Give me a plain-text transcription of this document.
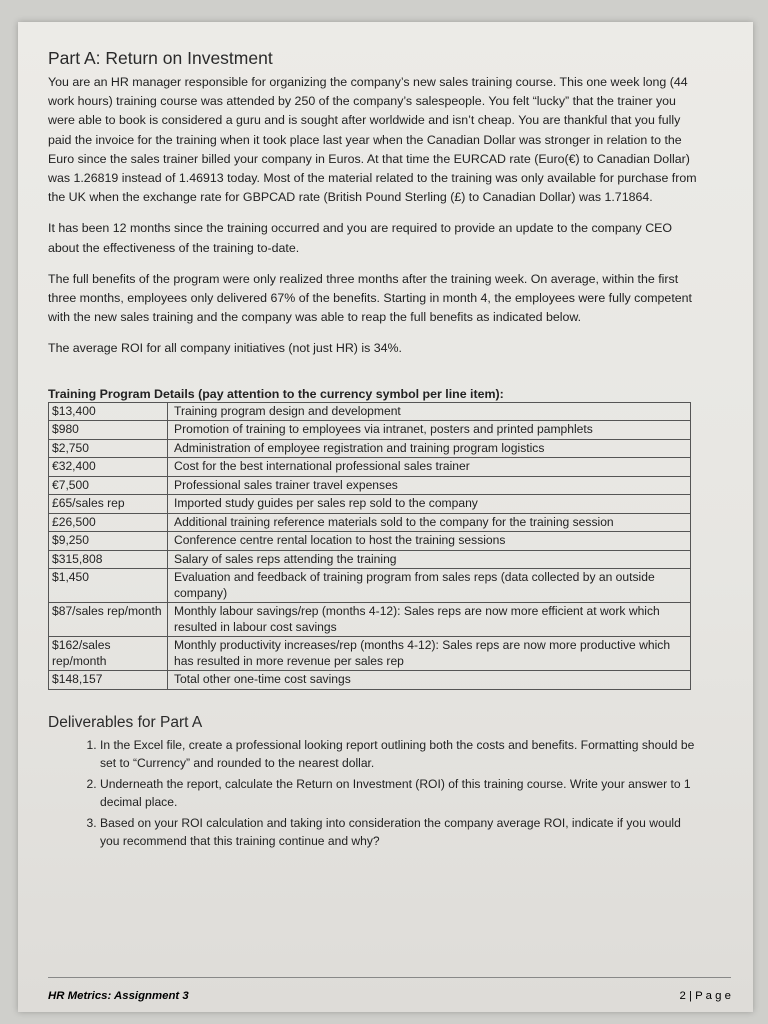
Part A: Return on Investment

You are an HR manager responsible for organizing the company’s new sales training course. This one week long (44 work hours) training course was attended by 250 of the company’s salespeople. You felt “lucky” that the trainer you were able to book is considered a guru and is sought after worldwide and isn’t cheap. You are thankful that you fully paid the invoice for the training when it took place last year when the Canadian Dollar was stronger in relation to the Euro since the sales trainer billed your company in Euros. At that time the EURCAD rate (Euro(€) to Canadian Dollar) was 1.26819 instead of 1.46913 today. Most of the material related to the training was only available for purchase from the UK when the exchange rate for GBPCAD rate (British Pound Sterling (£) to Canadian Dollar) was 1.71864.

It has been 12 months since the training occurred and you are required to provide an update to the company CEO about the effectiveness of the training to-date.

The full benefits of the program were only realized three months after the training week. On average, within the first three months, employees only delivered 67% of the benefits. Starting in month 4, the employees were fully competent with the new sales training and the company was able to reap the full benefits as indicated below.

The average ROI for all company initiatives (not just HR) is 34%.

Training Program Details (pay attention to the currency symbol per line item):
$13,400	Training program design and development
$980	Promotion of training to employees via intranet, posters and printed pamphlets
$2,750	Administration of employee registration and training program logistics
€32,400	Cost for the best international professional sales trainer
€7,500	Professional sales trainer travel expenses
£65/sales rep	Imported study guides per sales rep sold to the company
£26,500	Additional training reference materials sold to the company for the training session
$9,250	Conference centre rental location to host the training sessions
$315,808	Salary of sales reps attending the training
$1,450	Evaluation and feedback of training program from sales reps (data collected by an outside company)
$87/sales rep/month	Monthly labour savings/rep (months 4-12): Sales reps are now more efficient at work which resulted in labour cost savings
$162/sales rep/month	Monthly productivity increases/rep (months 4-12): Sales reps are now more productive which has resulted in more revenue per sales rep
$148,157	Total other one-time cost savings
Deliverables for Part A
1. In the Excel file, create a professional looking report outlining both the costs and benefits. Formatting should be set to “Currency” and rounded to the nearest dollar.
2. Underneath the report, calculate the Return on Investment (ROI) of this training course. Write your answer to 1 decimal place.
3. Based on your ROI calculation and taking into consideration the company average ROI, indicate if you would you recommend that this training continue and why?
HR Metrics: Assignment 3	2 | P a g e
